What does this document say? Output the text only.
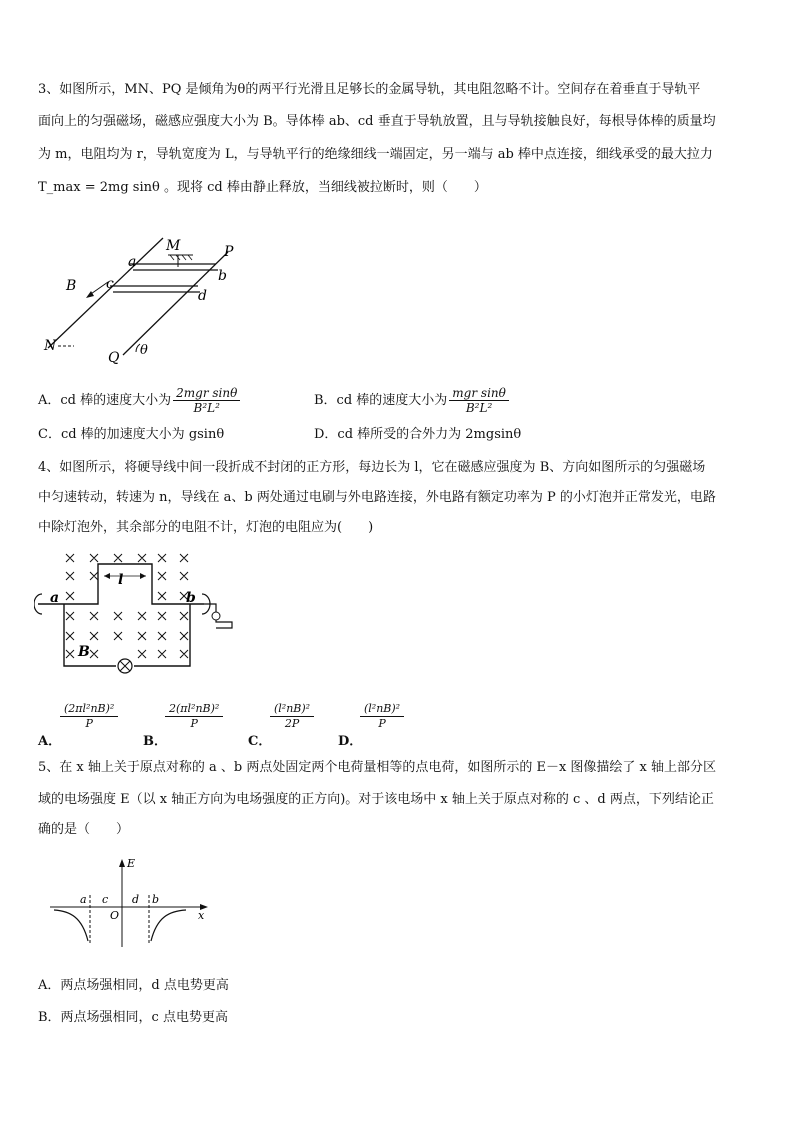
3、如图所示，MN、PQ 是倾角为θ的两平行光滑且足够长的金属导轨，其电阻忽略不计。空间存在着垂直于导轨平
面向上的匀强磁场，磁感应强度大小为 B。导体棒 ab、cd 垂直于导轨放置，且与导轨接触良好，每根导体棒的质量均
为 m，电阻均为 r，导轨宽度为 L，与导轨平行的绝缘细线一端固定，另一端与 ab 棒中点连接，细线承受的最大拉力
T_max = 2mg sinθ 。现将 cd 棒由静止释放，当细线被拉断时，则（　　）
M	P
a
b
c
d
B
N
Q θ
A．cd 棒的速度大小为 $\frac{\text{2mgr sinθ}}{\text{B²L²}}$	B．cd 棒的速度大小为 $\frac{\text{mgr sinθ}}{\text{B²L²}}$
C．cd 棒的加速度大小为 gsinθ	D．cd 棒所受的合外力为 2mgsinθ
4、如图所示，将硬导线中间一段折成不封闭的正方形，每边长为 l，它在磁感应强度为 B、方向如图所示的匀强磁场
中匀速转动，转速为 n，导线在 a、b 两处通过电刷与外电路连接，外电路有额定功率为 P 的小灯泡并正常发光，电路
中除灯泡外，其余部分的电阻不计，灯泡的电阻应为(　　)
l
a	b
B
$\frac{\text{(2πl²nB)²}}{P}$
A．
$\frac{\text{2(πl²nB)²}}{P}$
B．
$\frac{\text{(l²nB)²}}{2P}$
C．
$\frac{\text{(l²nB)²}}{P}$
D．
5、在 x 轴上关于原点对称的 a 、b 两点处固定两个电荷量相等的点电荷，如图所示的 E－x 图像描绘了 x 轴上部分区
域的电场强度 E（以 x 轴正方向为电场强度的正方向)。对于该电场中 x 轴上关于原点对称的 c 、d 两点，下列结论正
确的是（　　）
E
x
a c
O
d b
A．两点场强相同，d 点电势更高
B．两点场强相同，c 点电势更高
